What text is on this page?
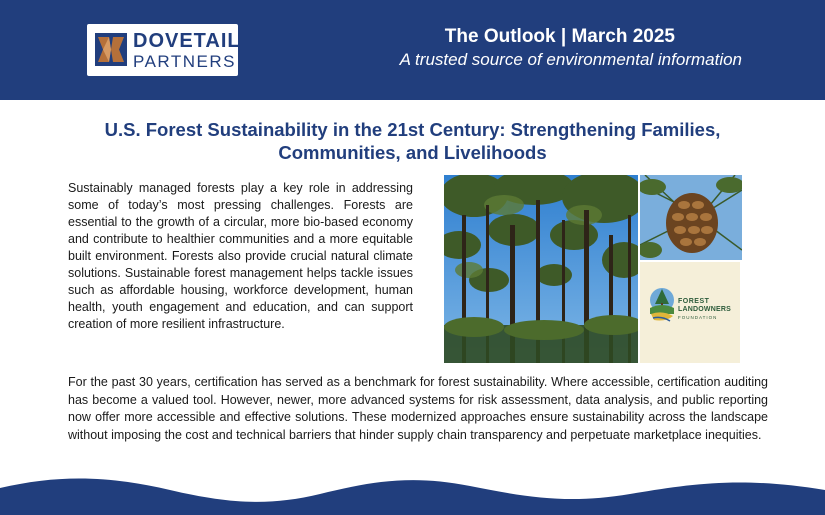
DOVETAIL
PARTNERS
The Outlook | March 2025
A trusted source of environmental information
U.S. Forest Sustainability in the 21st Century: Strengthening Families, Communities, and Livelihoods
Sustainably managed forests play a key role in addressing some of today’s most pressing challenges. Forests are essential to the growth of a circular, more bio-based economy and contribute to healthier communities and a more equitable built environment. Forests also provide crucial natural climate solutions. Sustainable forest management helps tackle issues such as affordable housing, workforce development, human health, youth engagement and education, and can support creation of more resilient infrastructure.
FOREST
LANDOWNERS
FOUNDATION
For the past 30 years, certification has served as a benchmark for forest sustainability. Where accessible, certification auditing has become a valued tool. However, newer, more advanced systems for risk assessment, data analysis, and public reporting now offer more accessible and effective solutions. These modernized approaches ensure sustainability across the landscape without imposing the cost and technical barriers that hinder supply chain transparency and perpetuate marketplace inequities.
